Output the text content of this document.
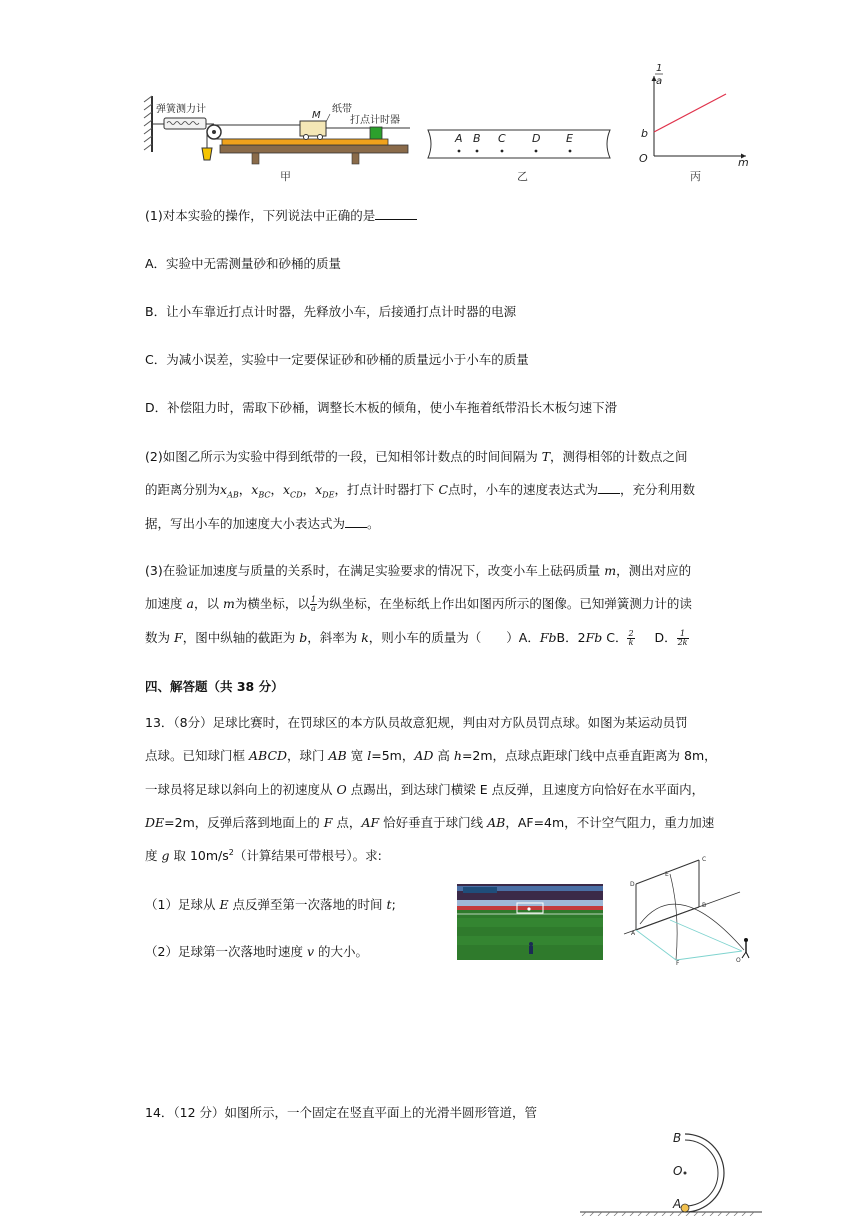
弹簧测力计
M
纸带
打点计时器
甲
A B C D E
乙
1
a
b
O	m
丙
(1)对本实验的操作，下列说法中正确的是
A．实验中无需测量砂和砂桶的质量
B．让小车靠近打点计时器，先释放小车，后接通打点计时器的电源
C．为减小误差，实验中一定要保证砂和砂桶的质量远小于小车的质量
D．补偿阻力时，需取下砂桶，调整长木板的倾角，使小车拖着纸带沿长木板匀速下滑
(2)如图乙所示为实验中得到纸带的一段，已知相邻计数点的时间间隔为 T，测得相邻的计数点之间
的距离分别为$x_{AB}$，$x_{BC}$，$x_{CD}$，$x_{DE}$，打点计时器打下 C点时，小车的速度表达式为 ，充分利用数
据，写出小车的加速度大小表达式为 。
(3)在验证加速度与质量的关系时，在满足实验要求的情况下，改变小车上砝码质量 m，测出对应的
加速度 a，以 m为横坐标，以 $\frac{1}{a}$ 为纵坐标，在坐标纸上作出如图丙所示的图像。已知弹簧测力计的读
数为 F，图中纵轴的截距为 b，斜率为 k，则小车的质量为（　　）A．FbB．2Fb C． $\frac{2}{k}$ D． $\frac{1}{2k}$
四、解答题（共 38 分）
13．（8分）足球比赛时，在罚球区的本方队员故意犯规，判由对方队员罚点球。如图为某运动员罚
点球。已知球门框 ABCD，球门 AB 宽 l=5m，AD 高 h=2m，点球点距球门线中点垂直距离为 8m，
一球员将足球以斜向上的初速度从 O 点踢出，到达球门横梁 E 点反弹，且速度方向恰好在水平面内，
DE=2m，反弹后落到地面上的 F 点，AF 恰好垂直于球门线 AB，AF=4m，不计空气阻力，重力加速
度 g 取 $10m/s^2$（计算结果可带根号）。求:
（1）足球从 E 点反弹至第一次落地的时间 t;
（2）足球第一次落地时速度 v 的大小。
D
C
E
A
B
F	O
14．（12 分）如图所示，一个固定在竖直平面上的光滑半圆形管道，管
B
O
A
